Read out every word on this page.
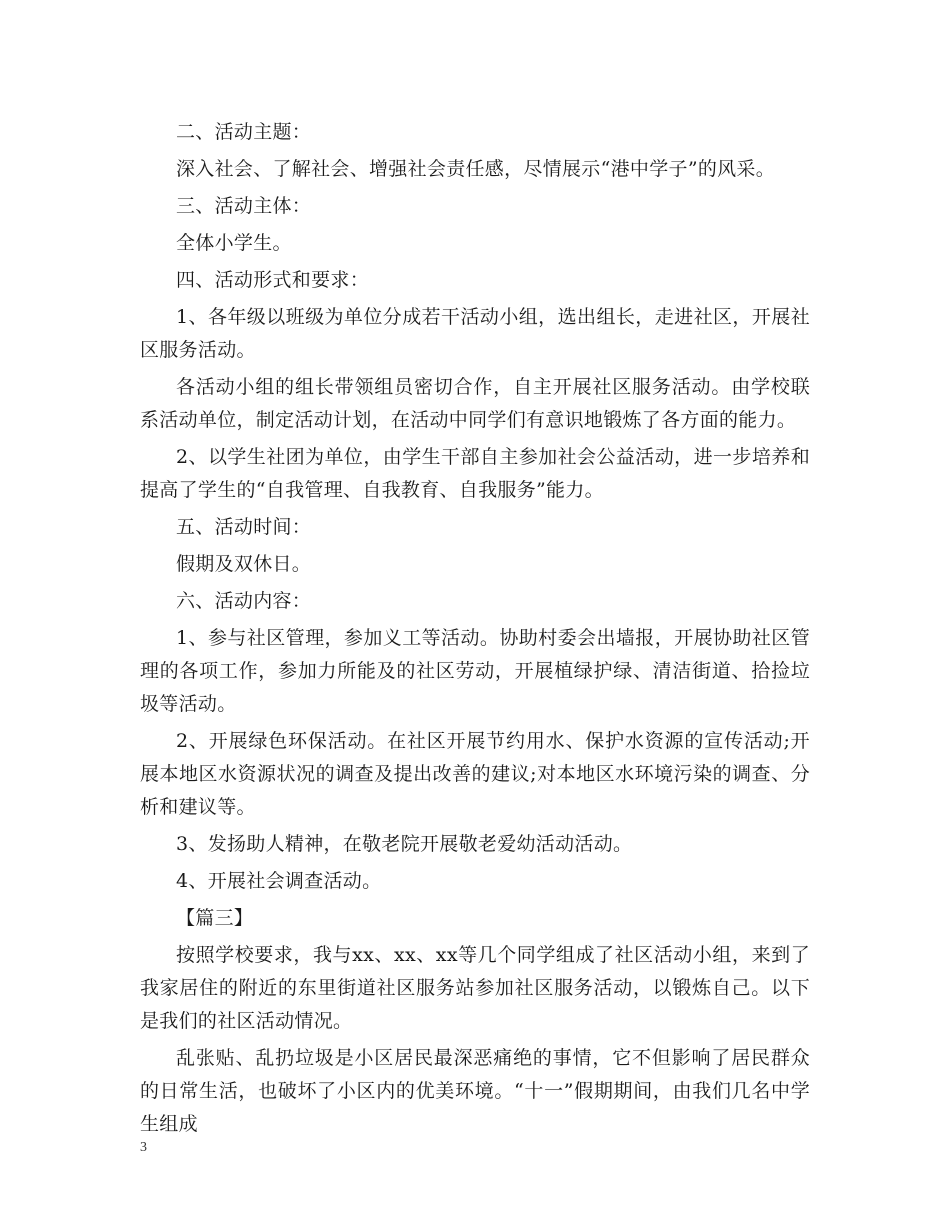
二、活动主题：

深入社会、了解社会、增强社会责任感，尽情展示“港中学子”的风采。

三、活动主体：

全体小学生。

四、活动形式和要求：

1、各年级以班级为单位分成若干活动小组，选出组长，走进社区，开展社区服务活动。

各活动小组的组长带领组员密切合作，自主开展社区服务活动。由学校联系活动单位，制定活动计划，在活动中同学们有意识地锻炼了各方面的能力。

2、以学生社团为单位，由学生干部自主参加社会公益活动，进一步培养和提高了学生的“自我管理、自我教育、自我服务”能力。

五、活动时间：

假期及双休日。

六、活动内容：

1、参与社区管理，参加义工等活动。协助村委会出墙报，开展协助社区管理的各项工作，参加力所能及的社区劳动，开展植绿护绿、清洁街道、拾捡垃圾等活动。

2、开展绿色环保活动。在社区开展节约用水、保护水资源的宣传活动;开展本地区水资源状况的调查及提出改善的建议;对本地区水环境污染的调查、分析和建议等。

3、发扬助人精神，在敬老院开展敬老爱幼活动活动。

4、开展社会调查活动。

【篇三】

按照学校要求，我与xx、xx、xx等几个同学组成了社区活动小组，来到了我家居住的附近的东里街道社区服务站参加社区服务活动，以锻炼自己。以下是我们的社区活动情况。

乱张贴、乱扔垃圾是小区居民最深恶痛绝的事情，它不但影响了居民群众的日常生活，也破坏了小区内的优美环境。“十一”假期期间，由我们几名中学生组成

3
